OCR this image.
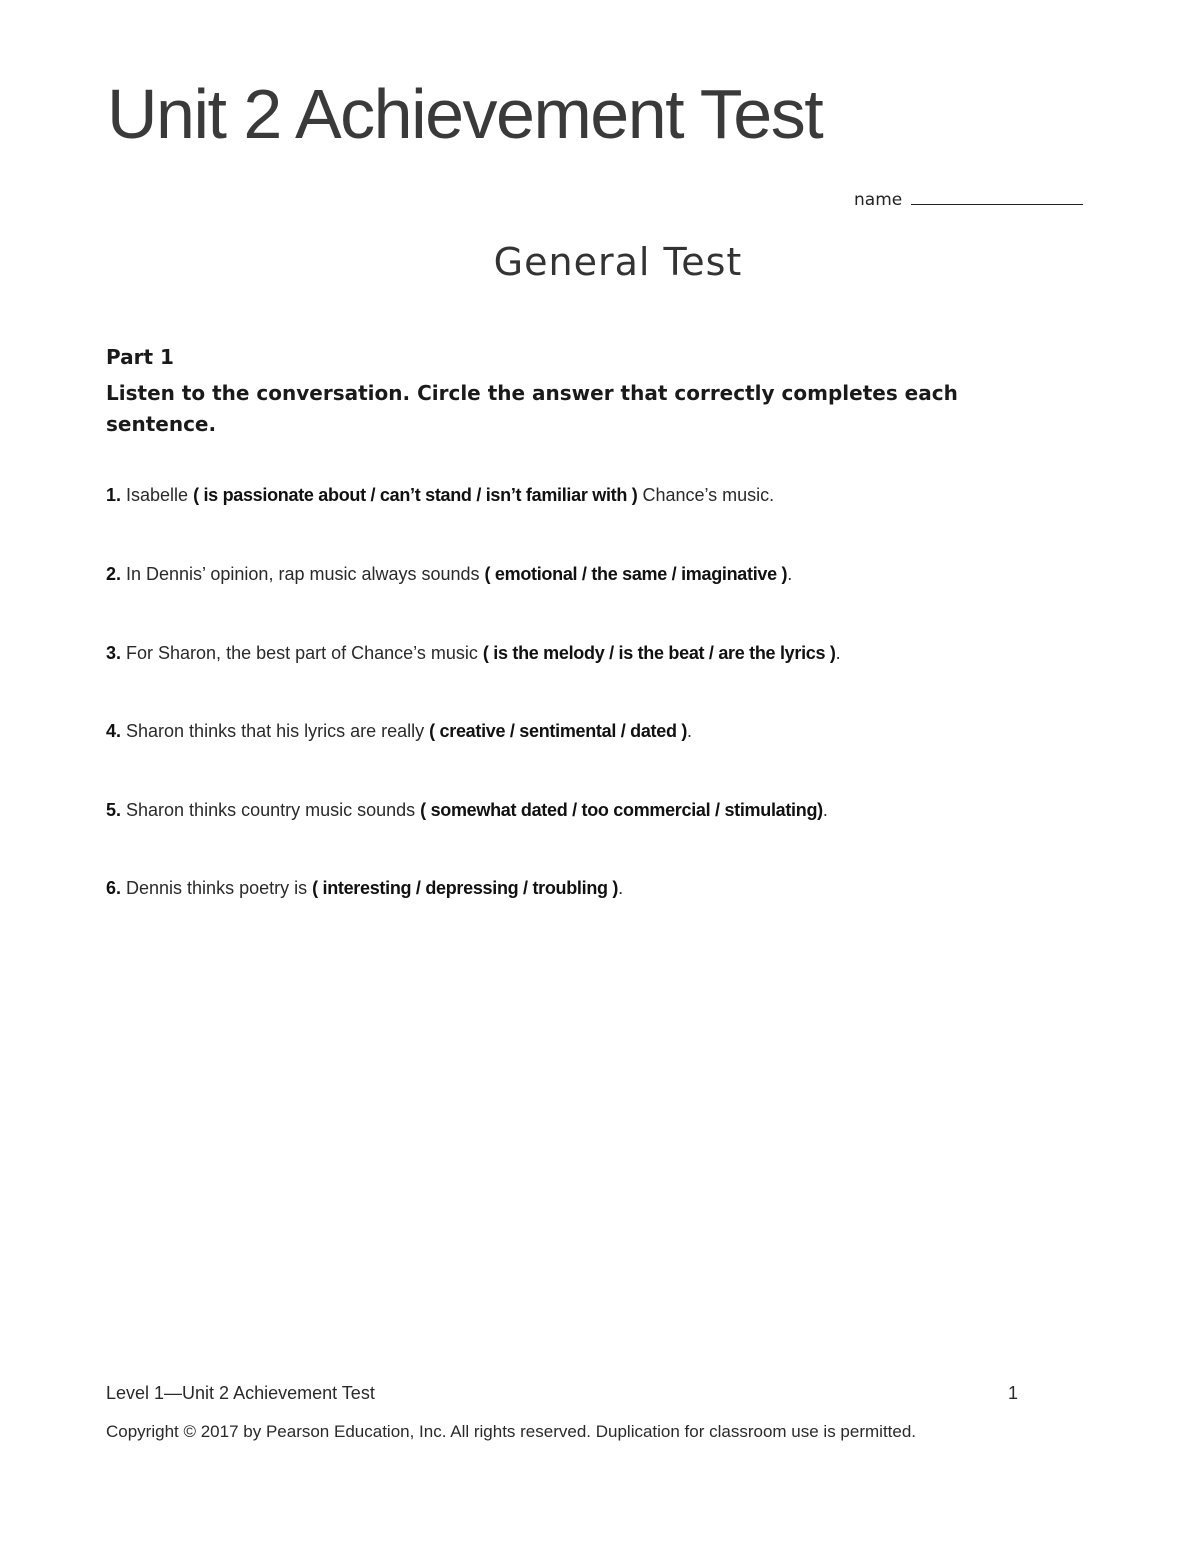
Unit 2 Achievement Test
name
General Test
Part 1

Listen to the conversation. Circle the answer that correctly completes each sentence.

1. Isabelle ( is passionate about / can’t stand / isn’t familiar with ) Chance’s music.

2. In Dennis’ opinion, rap music always sounds ( emotional / the same / imaginative ).

3. For Sharon, the best part of Chance’s music ( is the melody / is the beat / are the lyrics ).

4. Sharon thinks that his lyrics are really ( creative / sentimental / dated ).

5. Sharon thinks country music sounds ( somewhat dated / too commercial / stimulating).

6. Dennis thinks poetry is ( interesting / depressing / troubling ).

Level 1—Unit 2 Achievement Test	1
Copyright © 2017 by Pearson Education, Inc. All rights reserved. Duplication for classroom use is permitted.
